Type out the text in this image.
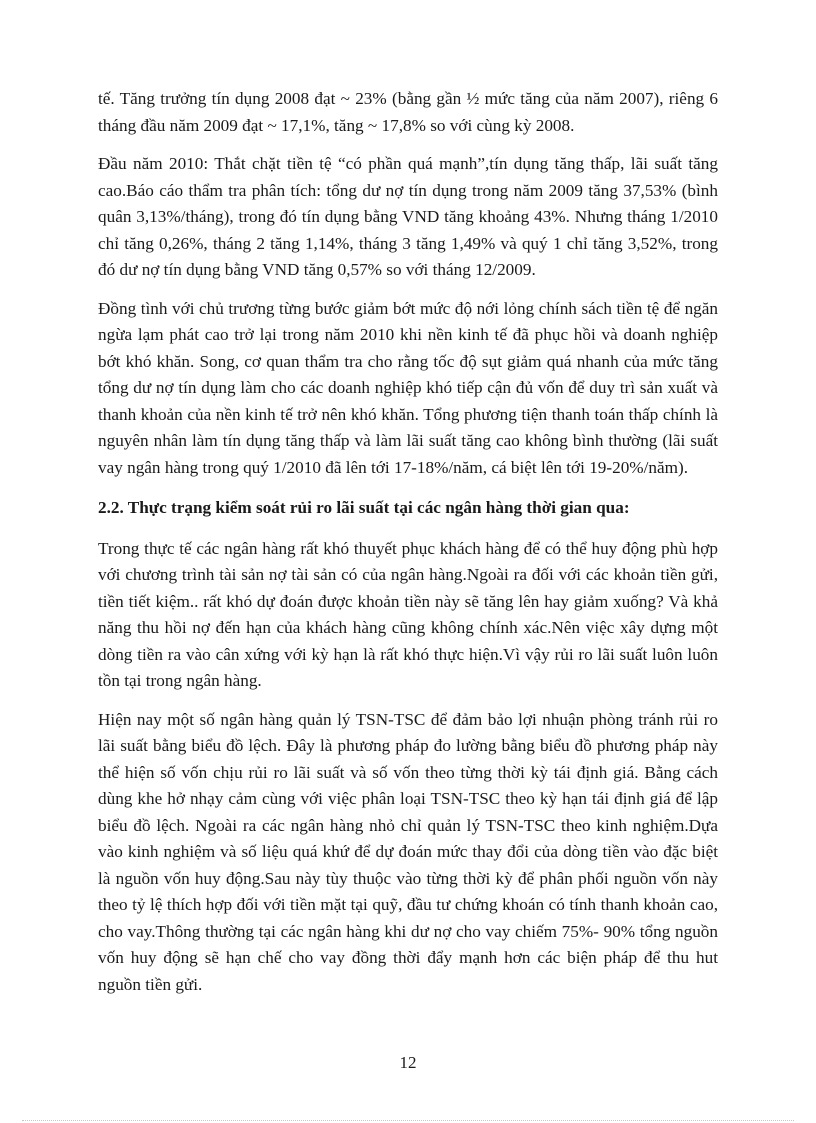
tế. Tăng trưởng tín dụng 2008 đạt ~ 23% (bằng gần ½ mức tăng của năm 2007), riêng 6 tháng đầu năm 2009 đạt ~ 17,1%, tăng ~ 17,8% so với cùng kỳ 2008.

Đầu năm 2010: Thắt chặt tiền tệ “có phần quá mạnh”,tín dụng tăng thấp, lãi suất tăng cao.Báo cáo thẩm tra phân tích: tổng dư nợ tín dụng trong năm 2009 tăng 37,53% (bình quân 3,13%/tháng), trong đó tín dụng bằng VND tăng khoảng 43%. Nhưng tháng 1/2010 chỉ tăng 0,26%, tháng 2 tăng 1,14%, tháng 3 tăng 1,49% và quý 1 chỉ tăng 3,52%, trong đó dư nợ tín dụng bằng VND tăng 0,57% so với tháng 12/2009.

Đồng tình với chủ trương từng bước giảm bớt mức độ nới lỏng chính sách tiền tệ để ngăn ngừa lạm phát cao trở lại trong năm 2010 khi nền kinh tế đã phục hồi và doanh nghiệp bớt khó khăn. Song, cơ quan thẩm tra cho rằng tốc độ sụt giảm quá nhanh của mức tăng tổng dư nợ tín dụng làm cho các doanh nghiệp khó tiếp cận đủ vốn để duy trì sản xuất và thanh khoản của nền kinh tế trở nên khó khăn. Tổng phương tiện thanh toán thấp chính là nguyên nhân làm tín dụng tăng thấp và làm lãi suất tăng cao không bình thường (lãi suất vay ngân hàng trong quý 1/2010 đã lên tới 17-18%/năm, cá biệt lên tới 19-20%/năm).

2.2. Thực trạng kiểm soát rủi ro lãi suất tại các ngân hàng thời gian qua:

Trong thực tế các ngân hàng rất khó thuyết phục khách hàng để có thể huy động phù hợp với chương trình tài sản nợ tài sản có của ngân hàng.Ngoài ra đối với các khoản tiền gửi, tiền tiết kiệm.. rất khó dự đoán được khoản tiền này sẽ tăng lên hay giảm xuống? Và khả năng thu hồi nợ đến hạn của khách hàng cũng không chính xác.Nên việc xây dựng một dòng tiền ra vào cân xứng với kỳ hạn là rất khó thực hiện.Vì vậy rủi ro lãi suất luôn luôn tồn tại trong ngân hàng.

Hiện nay một số ngân hàng quản lý TSN-TSC để đảm bảo lợi nhuận phòng tránh rủi ro lãi suất bằng biểu đồ lệch. Đây là phương pháp đo lường bằng biểu đồ phương pháp này thể hiện số vốn chịu rủi ro lãi suất và số vốn theo từng thời kỳ tái định giá. Bằng cách dùng khe hở nhạy cảm cùng với việc phân loại TSN-TSC theo kỳ hạn tái định giá để lập biểu đồ lệch. Ngoài ra các ngân hàng nhỏ chỉ quản lý TSN-TSC theo kinh nghiệm.Dựa vào kinh nghiệm và số liệu quá khứ để dự đoán mức thay đổi của dòng tiền vào đặc biệt là nguồn vốn huy động.Sau này tùy thuộc vào từng thời kỳ để phân phối nguồn vốn này theo tỷ lệ thích hợp đối với tiền mặt tại quỹ, đầu tư chứng khoán có tính thanh khoản cao, cho vay.Thông thường tại các ngân hàng khi dư nợ cho vay chiếm 75%- 90% tổng nguồn vốn huy động sẽ hạn chế cho vay đồng thời đẩy mạnh hơn các biện pháp để thu hut nguồn tiền gửi.

12
